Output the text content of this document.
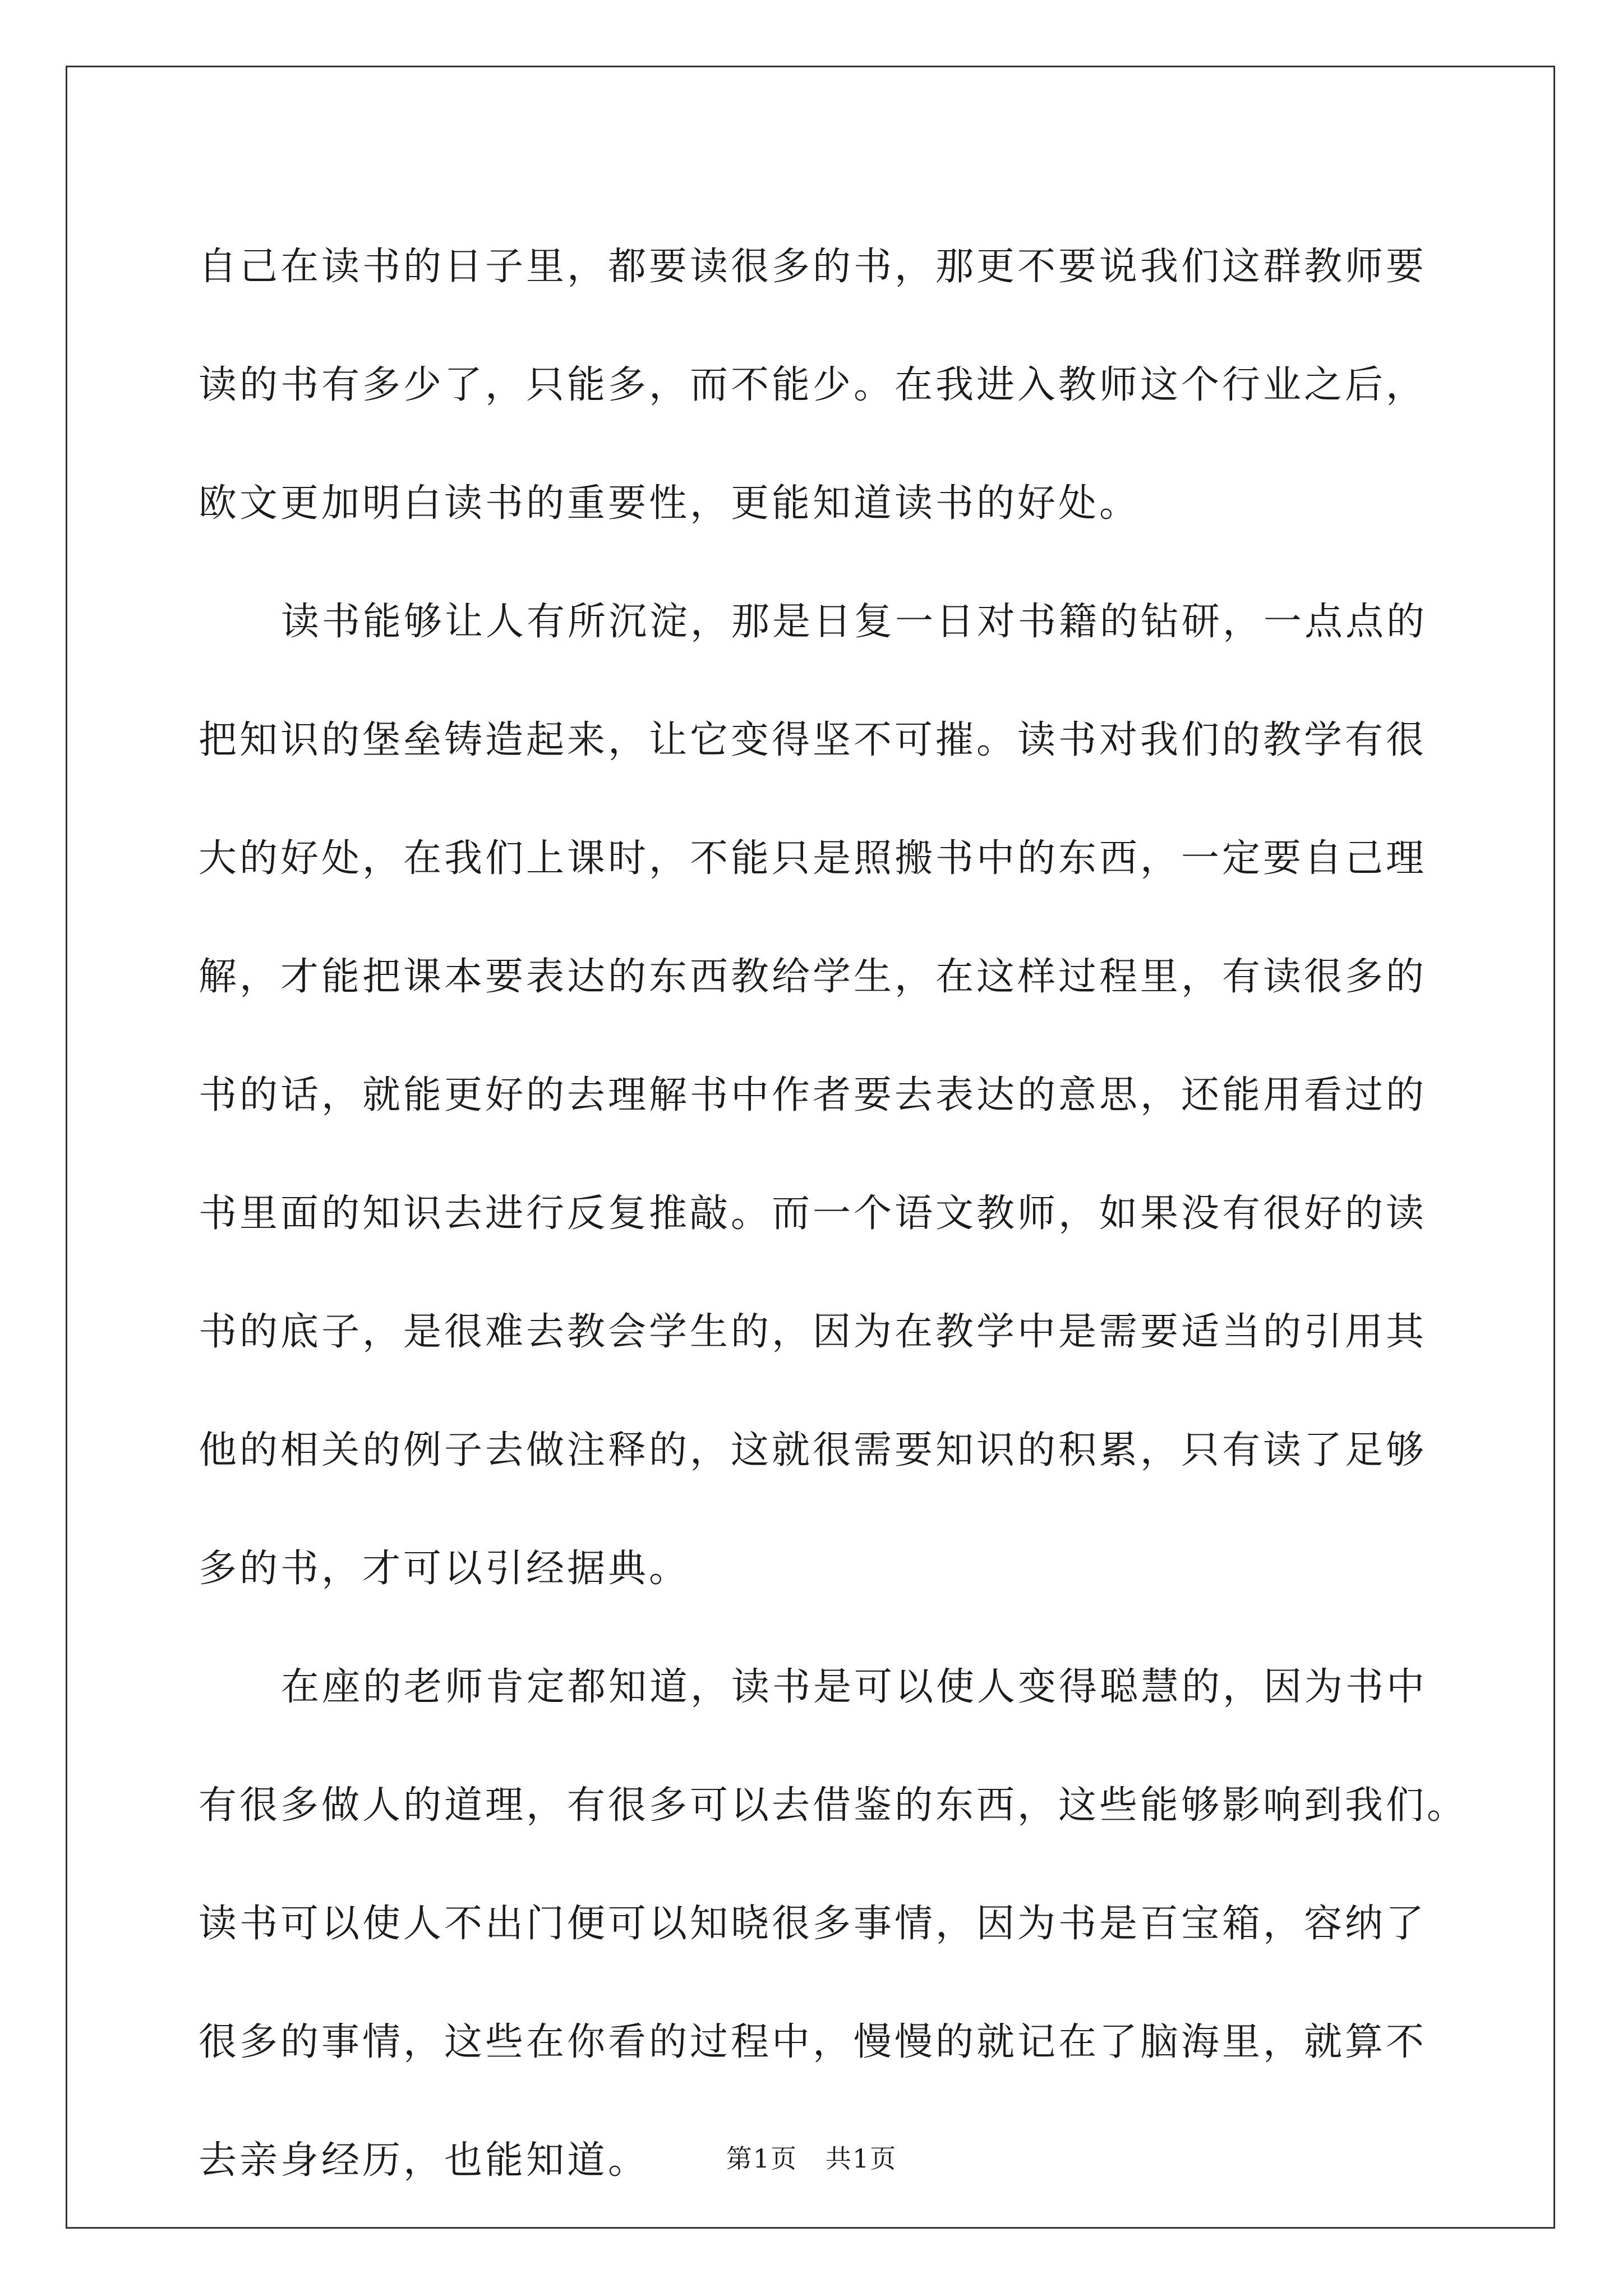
自己在读书的日子里，都要读很多的书，那更不要说我们这群教师要
读的书有多少了，只能多，而不能少。在我进入教师这个行业之后，
欧文更加明白读书的重要性，更能知道读书的好处。

读书能够让人有所沉淀，那是日复一日对书籍的钻研，一点点的
把知识的堡垒铸造起来，让它变得坚不可摧。读书对我们的教学有很
大的好处，在我们上课时，不能只是照搬书中的东西，一定要自己理
解，才能把课本要表达的东西教给学生，在这样过程里，有读很多的
书的话，就能更好的去理解书中作者要去表达的意思，还能用看过的
书里面的知识去进行反复推敲。而一个语文教师，如果没有很好的读
书的底子，是很难去教会学生的，因为在教学中是需要适当的引用其
他的相关的例子去做注释的，这就很需要知识的积累，只有读了足够
多的书，才可以引经据典。

在座的老师肯定都知道，读书是可以使人变得聪慧的，因为书中
有很多做人的道理，有很多可以去借鉴的东西，这些能够影响到我们。
读书可以使人不出门便可以知晓很多事情，因为书是百宝箱，容纳了
很多的事情，这些在你看的过程中，慢慢的就记在了脑海里，就算不
去亲身经历，也能知道。	第1页 共1页
